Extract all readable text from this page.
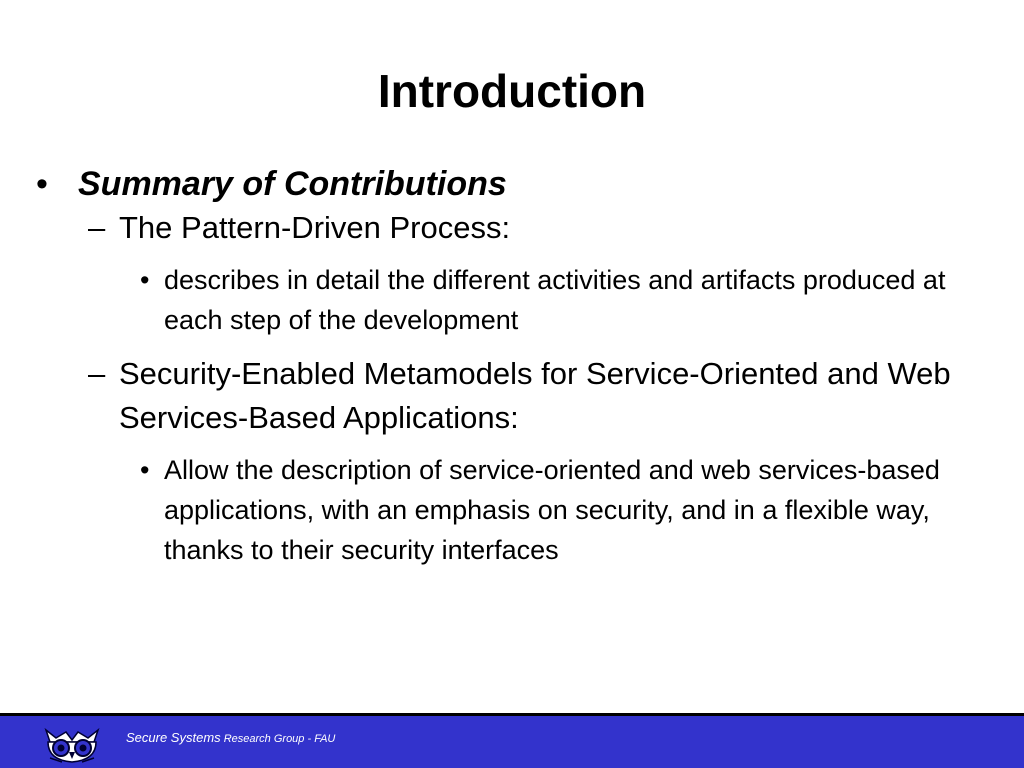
Introduction
• Summary of Contributions
– The Pattern-Driven Process:
• describes in detail the different activities and artifacts produced at each step of the development
– Security-Enabled Metamodels for Service-Oriented and Web Services-Based Applications:
• Allow the description of service-oriented and web services-based applications, with an emphasis on security, and in a flexible way, thanks to their security interfaces
Secure Systems Research Group - FAU
